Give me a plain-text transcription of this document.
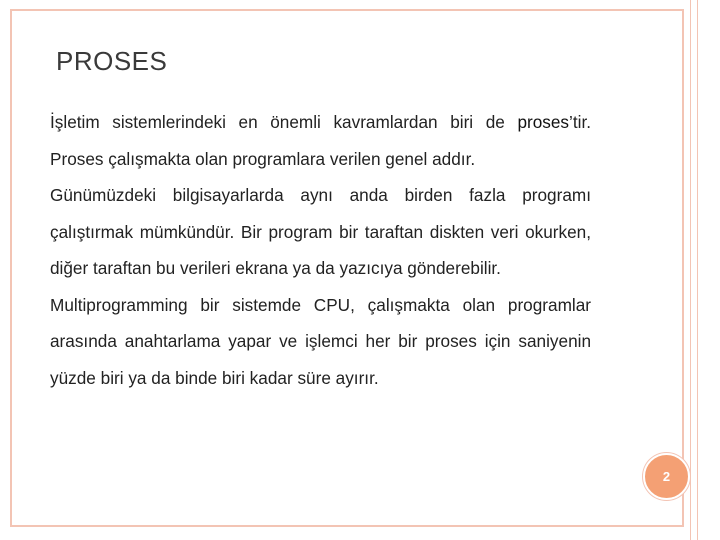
PROSES

İşletim sistemlerindeki en önemli kavramlardan biri de proses’tir. Proses çalışmakta olan programlara verilen genel addır.

Günümüzdeki bilgisayarlarda aynı anda birden fazla programı çalıştırmak mümkündür. Bir program bir taraftan diskten veri okurken, diğer taraftan bu verileri ekrana ya da yazıcıya gönderebilir.

Multiprogramming bir sistemde CPU, çalışmakta olan programlar arasında anahtarlama yapar ve işlemci her bir proses için saniyenin yüzde biri ya da binde biri kadar süre ayırır.

2
